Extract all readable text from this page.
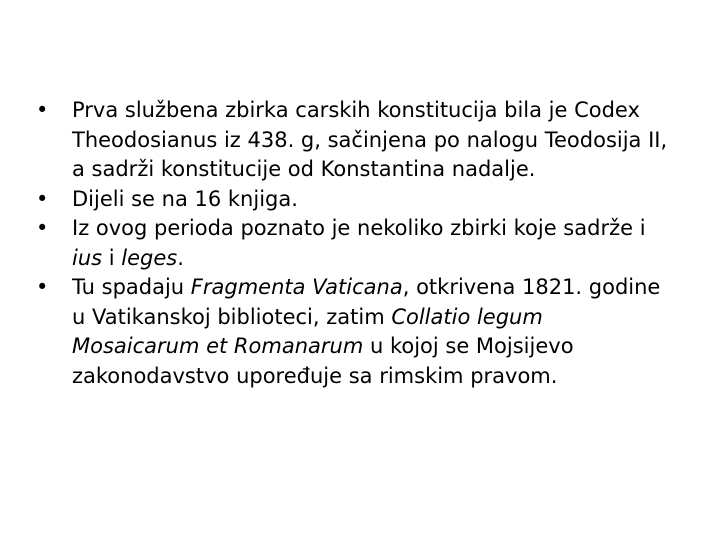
•	Prva službena zbirka carskih konstitucija bila je Codex Theodosianus iz 438. g, sačinjena po nalogu Teodosija II, a sadrži konstitucije od Konstantina nadalje.
•	Dijeli se na 16 knjiga.
•	Iz ovog perioda poznato je nekoliko zbirki koje sadrže i ius i leges.
•	Tu spadaju Fragmenta Vaticana, otkrivena 1821. godine u Vatikanskoj biblioteci, zatim Collatio legum Mosaicarum et Romanarum u kojoj se Mojsijevo zakonodavstvo upoređuje sa rimskim pravom.
